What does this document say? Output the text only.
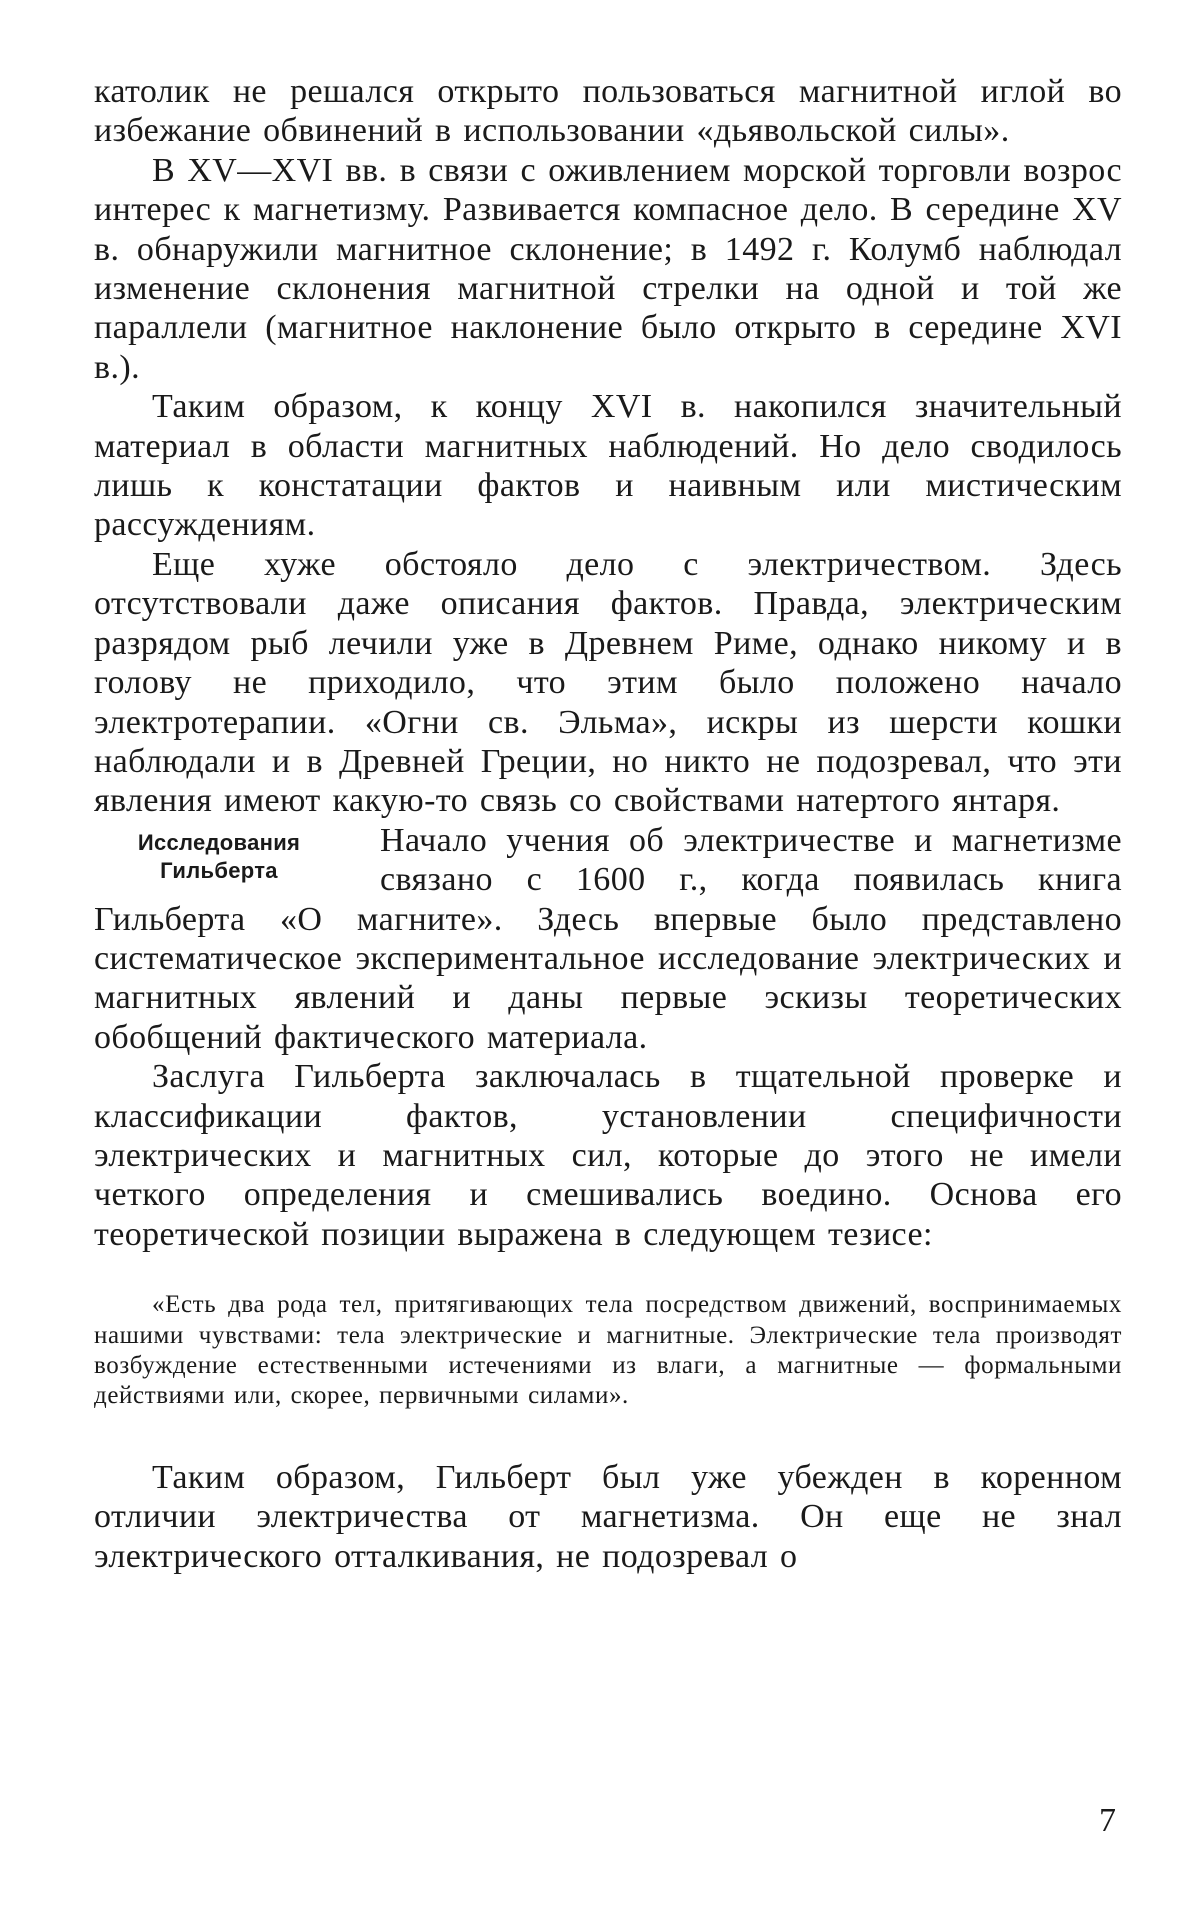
католик не решался открыто пользоваться магнитной иглой во избежание обвинений в использовании «дьявольской силы».

В XV—XVI вв. в связи с оживлением морской торговли возрос интерес к магнетизму. Развивается компасное дело. В середине XV в. обнаружили магнитное склонение; в 1492 г. Колумб наблюдал изменение склонения магнитной стрелки на одной и той же параллели (магнитное наклонение было открыто в середине XVI в.).

Таким образом, к концу XVI в. накопился значительный материал в области магнитных наблюдений. Но дело сводилось лишь к констатации фактов и наивным или мистическим рассуждениям.

Еще хуже обстояло дело с электричеством. Здесь отсутствовали даже описания фактов. Правда, электрическим разрядом рыб лечили уже в Древнем Риме, однако никому и в голову не приходило, что этим было положено начало электротерапии. «Огни св. Эльма», искры из шерсти кошки наблюдали и в Древней Греции, но никто не подозревал, что эти явления имеют какую-то связь со свойствами натертого янтаря.

Исследования
Гильберта

Начало учения об электричестве и магнетизме связано с 1600 г., когда появилась книга Гильберта «О магните». Здесь впервые было представлено систематическое экспериментальное исследование электрических и магнитных явлений и даны первые эскизы теоретических обобщений фактического материала.

Заслуга Гильберта заключалась в тщательной проверке и классификации фактов, установлении специфичности электрических и магнитных сил, которые до этого не имели четкого определения и смешивались воедино. Основа его теоретической позиции выражена в следующем тезисе:

«Есть два рода тел, притягивающих тела посредством движений, воспринимаемых нашими чувствами: тела электрические и магнитные. Электрические тела производят возбуждение естественными истечениями из влаги, а магнитные — формальными действиями или, скорее, первичными силами».

Таким образом, Гильберт был уже убежден в коренном отличии электричества от магнетизма. Он еще не знал электрического отталкивания, не подозревал о

7
